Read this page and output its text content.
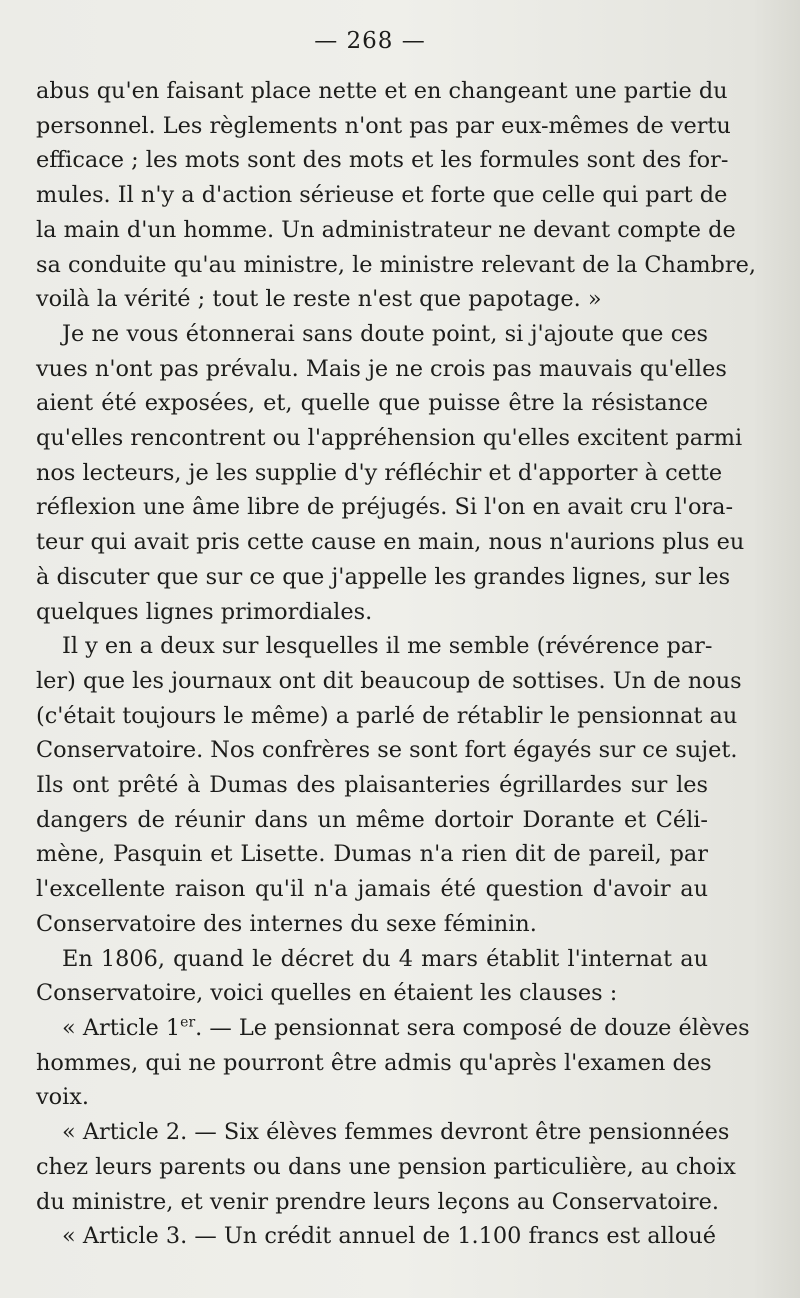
— 268 —
abus qu'en faisant place nette et en changeant une partie du
personnel. Les règlements n'ont pas par eux-mêmes de vertu
efficace ; les mots sont des mots et les formules sont des for-
mules. Il n'y a d'action sérieuse et forte que celle qui part de
la main d'un homme. Un administrateur ne devant compte de
sa conduite qu'au ministre, le ministre relevant de la Chambre,
voilà la vérité ; tout le reste n'est que papotage. »
Je ne vous étonnerai sans doute point, si j'ajoute que ces
vues n'ont pas prévalu. Mais je ne crois pas mauvais qu'elles
aient été exposées, et, quelle que puisse être la résistance
qu'elles rencontrent ou l'appréhension qu'elles excitent parmi
nos lecteurs, je les supplie d'y réfléchir et d'apporter à cette
réflexion une âme libre de préjugés. Si l'on en avait cru l'ora-
teur qui avait pris cette cause en main, nous n'aurions plus eu
à discuter que sur ce que j'appelle les grandes lignes, sur les
quelques lignes primordiales.
Il y en a deux sur lesquelles il me semble (révérence par-
ler) que les journaux ont dit beaucoup de sottises. Un de nous
(c'était toujours le même) a parlé de rétablir le pensionnat au
Conservatoire. Nos confrères se sont fort égayés sur ce sujet.
Ils ont prêté à Dumas des plaisanteries égrillardes sur les
dangers de réunir dans un même dortoir Dorante et Céli-
mène, Pasquin et Lisette. Dumas n'a rien dit de pareil, par
l'excellente raison qu'il n'a jamais été question d'avoir au
Conservatoire des internes du sexe féminin.
En 1806, quand le décret du 4 mars établit l'internat au
Conservatoire, voici quelles en étaient les clauses :
« Article 1er. — Le pensionnat sera composé de douze élèves
hommes, qui ne pourront être admis qu'après l'examen des
voix.
« Article 2. — Six élèves femmes devront être pensionnées
chez leurs parents ou dans une pension particulière, au choix
du ministre, et venir prendre leurs leçons au Conservatoire.
« Article 3. — Un crédit annuel de 1.100 francs est alloué
